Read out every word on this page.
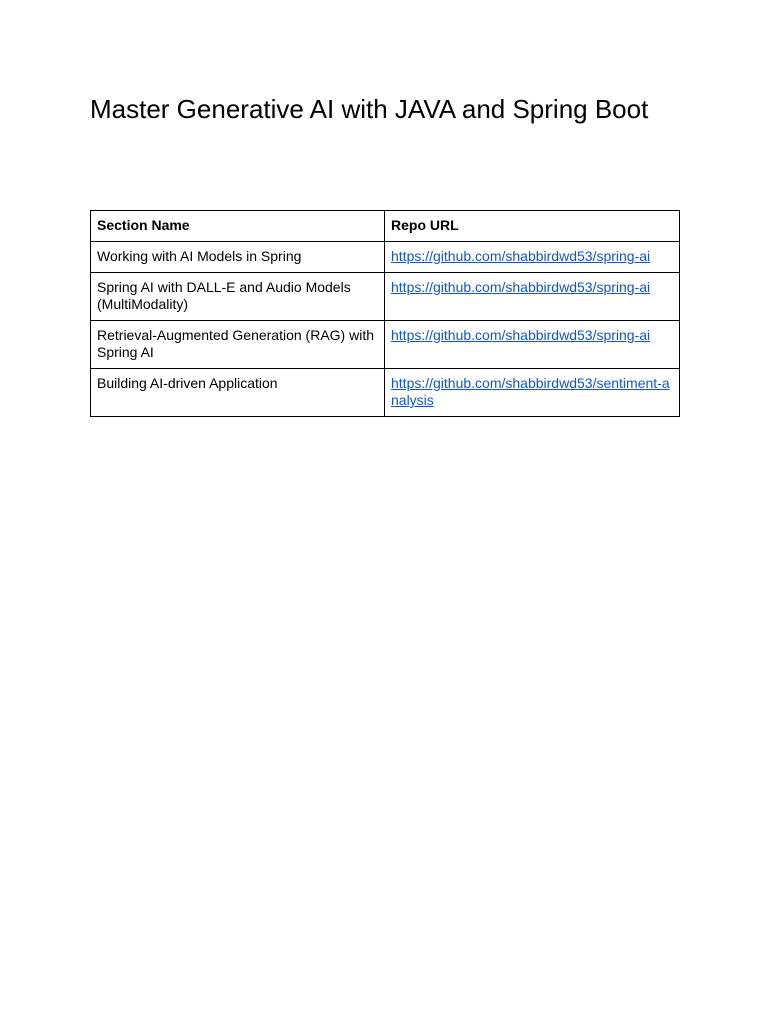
Master Generative AI with JAVA and Spring Boot
Section Name	Repo URL
Working with AI Models in Spring	https://github.com/shabbirdwd53/spring-ai
Spring AI with DALL-E and Audio Models (MultiModality)	https://github.com/shabbirdwd53/spring-ai
Retrieval-Augmented Generation (RAG) with Spring AI	https://github.com/shabbirdwd53/spring-ai
Building AI-driven Application	https://github.com/shabbirdwd53/sentiment-analysis
